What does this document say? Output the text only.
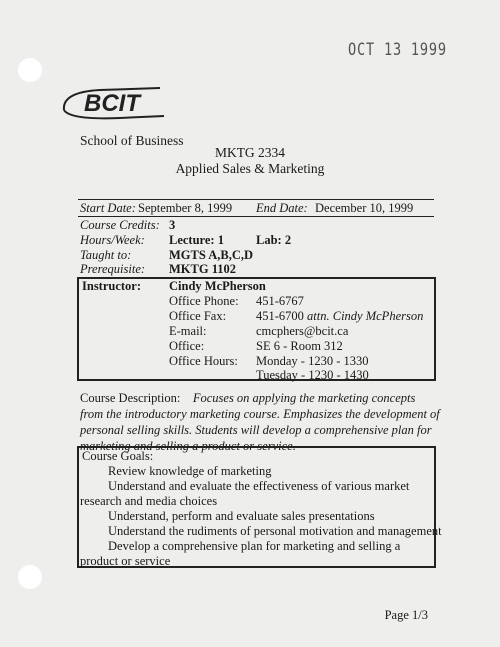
OCT 13 1999
BCIT
School of Business
MKTG 2334
Applied Sales & Marketing
Start Date: September 8, 1999 End Date: December 10, 1999
Course Credits: 3
Hours/Week: Lecture: 1	Lab: 2
Taught to:	MGTS A,B,C,D
Prerequisite: MKTG 1102
Instructor: Cindy McPherson
Office Phone: 451-6767
Office Fax: 451-6700 attn. Cindy McPherson
E-mail:	cmcphers@bcit.ca
Office:	SE 6 - Room 312
Office Hours: Monday - 1230 - 1330
Tuesday - 1230 - 1430
Course Description: Focuses on applying the marketing concepts from the introductory marketing course. Emphasizes the development of personal selling skills. Students will develop a comprehensive plan for marketing and selling a product or service.
Course Goals:
Review knowledge of marketing
Understand and evaluate the effectiveness of various market research and media choices
Understand, perform and evaluate sales presentations
Understand the rudiments of personal motivation and management
Develop a comprehensive plan for marketing and selling a product or service
Page 1/3
